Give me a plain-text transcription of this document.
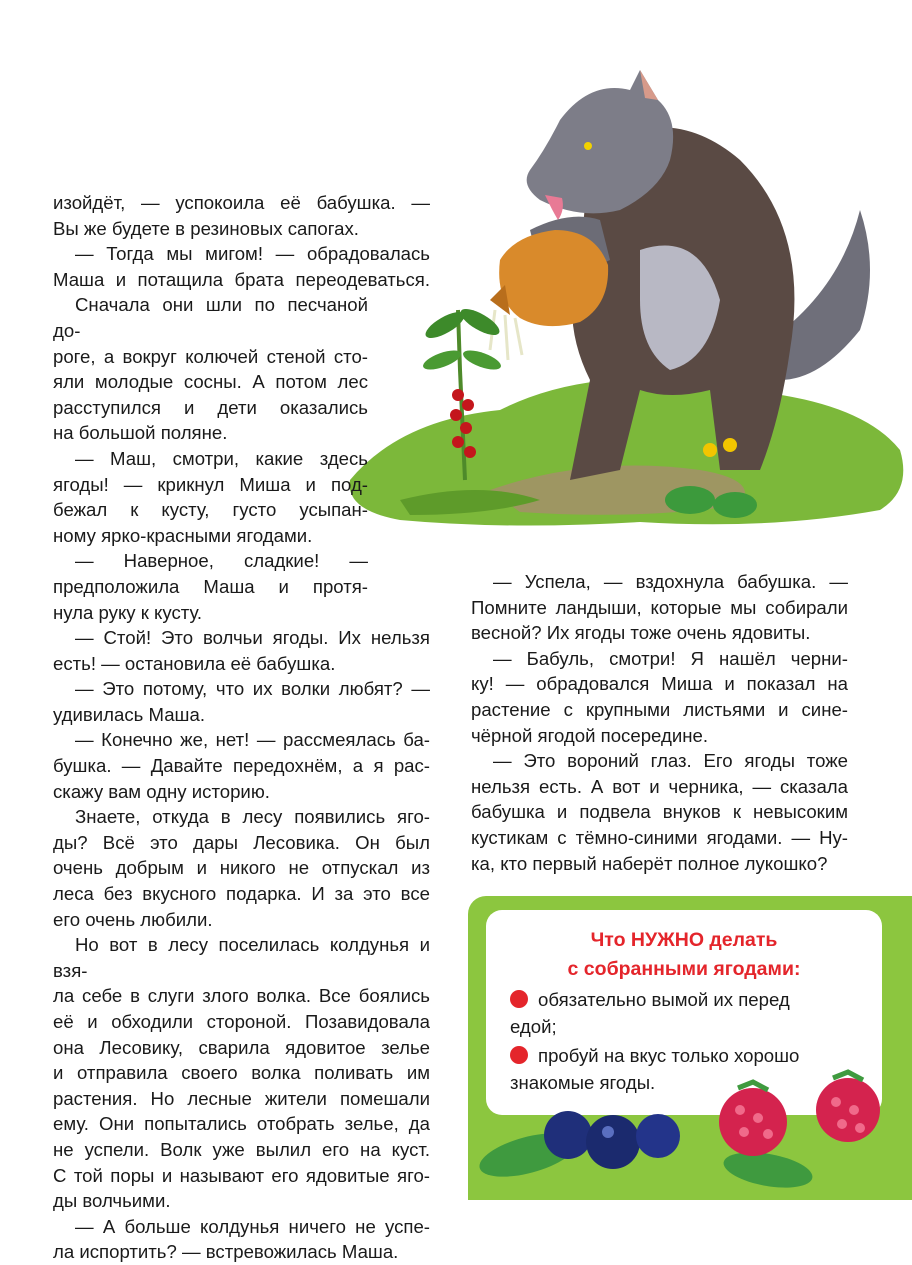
изойдёт, — успокоила её бабушка. —

Вы же будете в резиновых сапогах.

— Тогда мы мигом! — обрадовалась

Маша и потащила брата переодеваться.

Сначала они шли по песчаной до-

роге, а вокруг колючей стеной сто-

яли молодые сосны. А потом лес

расступился и дети оказались

на большой поляне.

— Маш, смотри, какие здесь

ягоды! — крикнул Миша и под-

бежал к кусту, густо усыпан-

ному ярко-красными ягодами.

— Наверное, сладкие! —

предположила Маша и протя-

нула руку к кусту.

— Стой! Это волчьи ягоды. Их нельзя

есть! — остановила её бабушка.

— Это потому, что их волки любят? —

удивилась Маша.

— Конечно же, нет! — рассмеялась ба-

бушка. — Давайте передохнём, а я рас-

скажу вам одну историю.

Знаете, откуда в лесу появились яго-

ды? Всё это дары Лесовика. Он был

очень добрым и никого не отпускал из

леса без вкусного подарка. И за это все

его очень любили.

Но вот в лесу поселилась колдунья и взя-

ла себе в слуги злого волка. Все боялись

её и обходили стороной. Позавидовала

она Лесовику, сварила ядовитое зелье

и отправила своего волка поливать им

растения. Но лесные жители помешали

ему. Они попытались отобрать зелье, да

не успели. Волк уже вылил его на куст.

С той поры и называют его ядовитые яго-

ды волчьими.

— А больше колдунья ничего не успе-

ла испортить? — встревожилась Маша.

— Успела, — вздохнула бабушка. —

Помните ландыши, которые мы собирали

весной? Их ягоды тоже очень ядовиты.

— Бабуль, смотри! Я нашёл черни-

ку! — обрадовался Миша и показал на

растение с крупными листьями и сине-

чёрной ягодой посередине.

— Это вороний глаз. Его ягоды тоже

нельзя есть. А вот и черника, — сказала

бабушка и подвела внуков к невысоким

кустикам с тёмно-синими ягодами. — Ну-

ка, кто первый наберёт полное лукошко?

Что НУЖНО делать
с собранными ягодами:

обязательно вымой их перед
едой;

пробуй на вкус только хорошо
знакомые ягоды.
